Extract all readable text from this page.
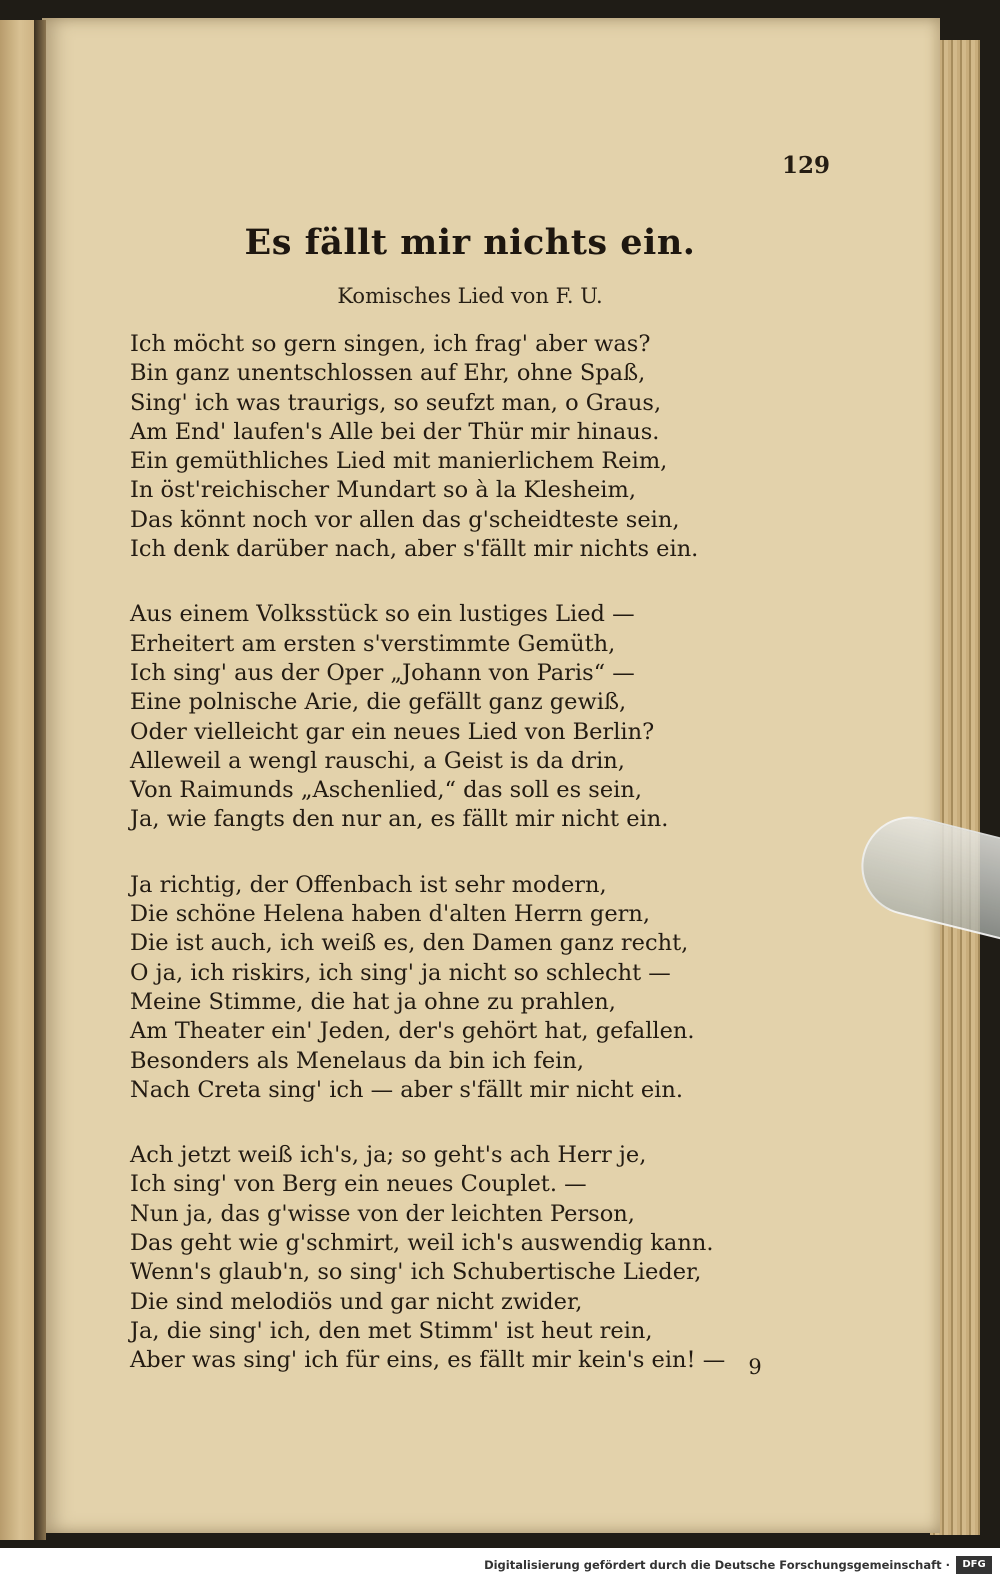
129
Es fällt mir nichts ein.
Komisches Lied von F. U.
Ich möcht so gern singen, ich frag' aber was?
Bin ganz unentschlossen auf Ehr, ohne Spaß,
Sing' ich was traurigs, so seufzt man, o Graus,
Am End' laufen's Alle bei der Thür mir hinaus.
Ein gemüthliches Lied mit manierlichem Reim,
In öst'reichischer Mundart so à la Klesheim,
Das könnt noch vor allen das g'scheidteste sein,
Ich denk darüber nach, aber s'fällt mir nichts ein.
Aus einem Volksstück so ein lustiges Lied —
Erheitert am ersten s'verstimmte Gemüth,
Ich sing' aus der Oper „Johann von Paris“ —
Eine polnische Arie, die gefällt ganz gewiß,
Oder vielleicht gar ein neues Lied von Berlin?
Alleweil a wengl rauschi, a Geist is da drin,
Von Raimunds „Aschenlied,“ das soll es sein,
Ja, wie fangts den nur an, es fällt mir nicht ein.
Ja richtig, der Offenbach ist sehr modern,
Die schöne Helena haben d'alten Herrn gern,
Die ist auch, ich weiß es, den Damen ganz recht,
O ja, ich riskirs, ich sing' ja nicht so schlecht —
Meine Stimme, die hat ja ohne zu prahlen,
Am Theater ein' Jeden, der's gehört hat, gefallen.
Besonders als Menelaus da bin ich fein,
Nach Creta sing' ich — aber s'fällt mir nicht ein.
Ach jetzt weiß ich's, ja; so geht's ach Herr je,
Ich sing' von Berg ein neues Couplet. —
Nun ja, das g'wisse von der leichten Person,
Das geht wie g'schmirt, weil ich's auswendig kann.
Wenn's glaub'n, so sing' ich Schubertische Lieder,
Die sind melodiös und gar nicht zwider,
Ja, die sing' ich, den met Stimm' ist heut rein,
Aber was sing' ich für eins, es fällt mir kein's ein! —	9
Digitalisierung gefördert durch die Deutsche Forschungsgemeinschaft ·	DFG
